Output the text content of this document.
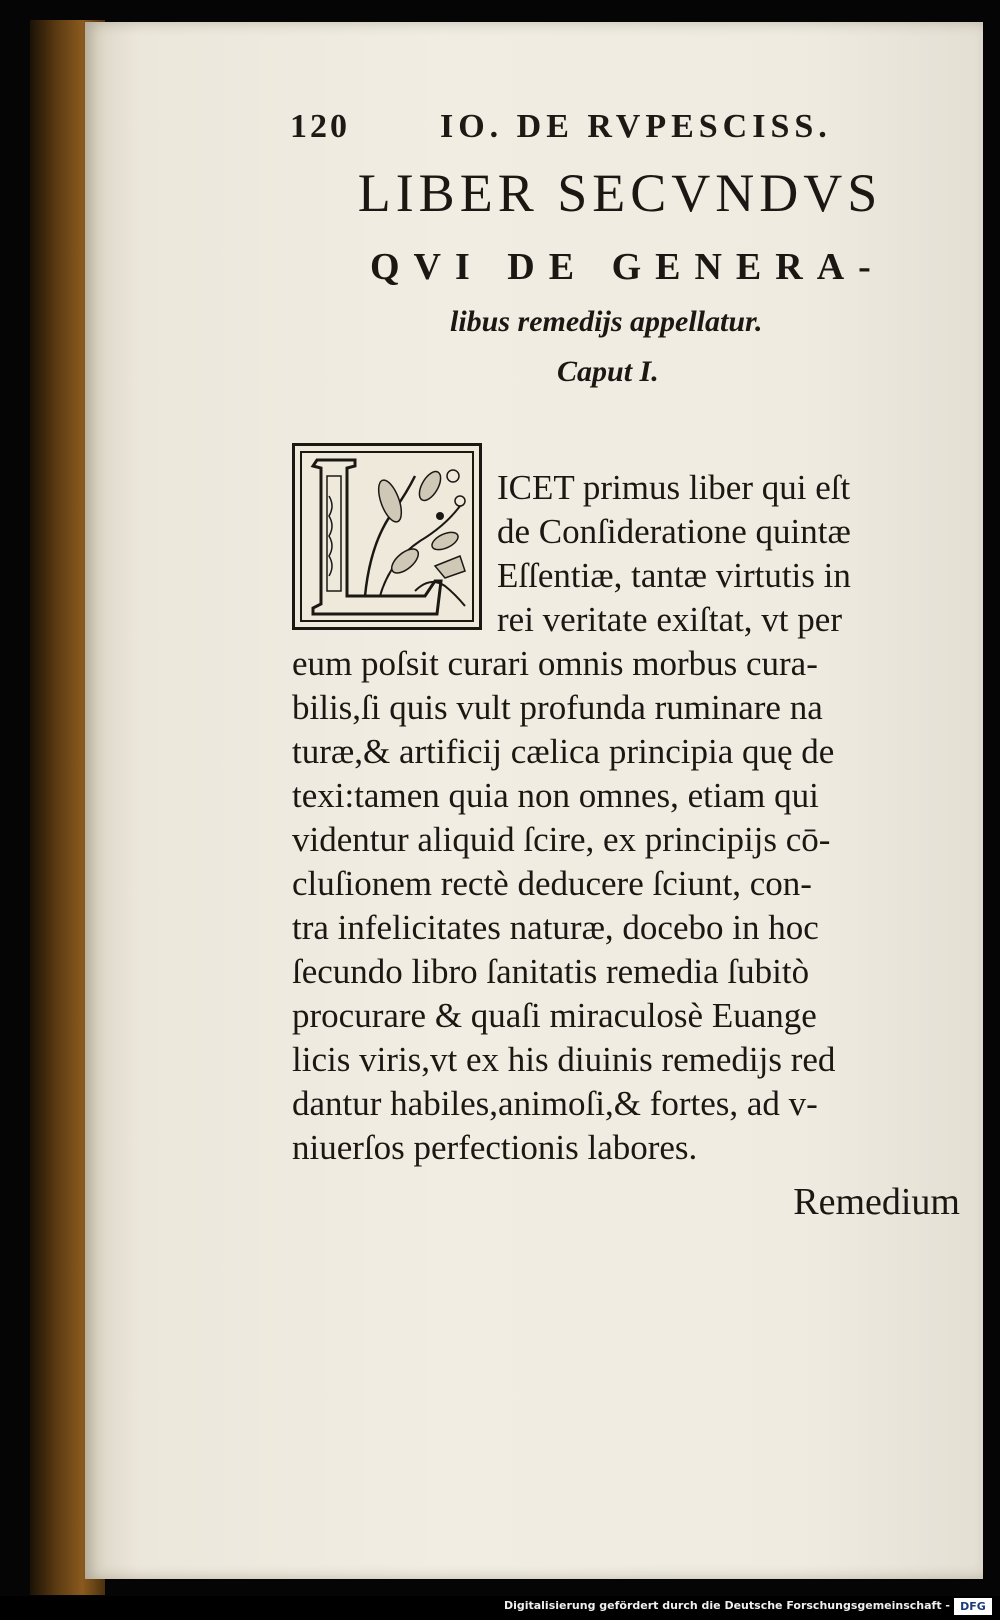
120	IO. DE RVPESCISS.
LIBER SECVNDVS
QVI DE GENERA-
libus remedijs appellatur.
Caput I.
ICET primus liber qui eſt
de Conſideratione quintæ
Eſſentiæ, tantæ virtutis in
rei veritate exiſtat, vt per
eum poſsit curari omnis morbus cura-
bilis,ſi quis vult profunda ruminare na
turæ,& artificij cælica principia quę de
texi:tamen quia non omnes, etiam qui
videntur aliquid ſcire, ex principijs cō-
cluſionem rectè deducere ſciunt, con-
tra infelicitates naturæ, docebo in hoc
ſecundo libro ſanitatis remedia ſubitò
procurare & quaſi miraculosè Euange
licis viris,vt ex his diuinis remedijs red
dantur habiles,animoſi,& fortes, ad v-
niuerſos perfectionis labores.
Remedium
Digitalisierung gefördert durch die Deutsche Forschungsgemeinschaft - DFG
